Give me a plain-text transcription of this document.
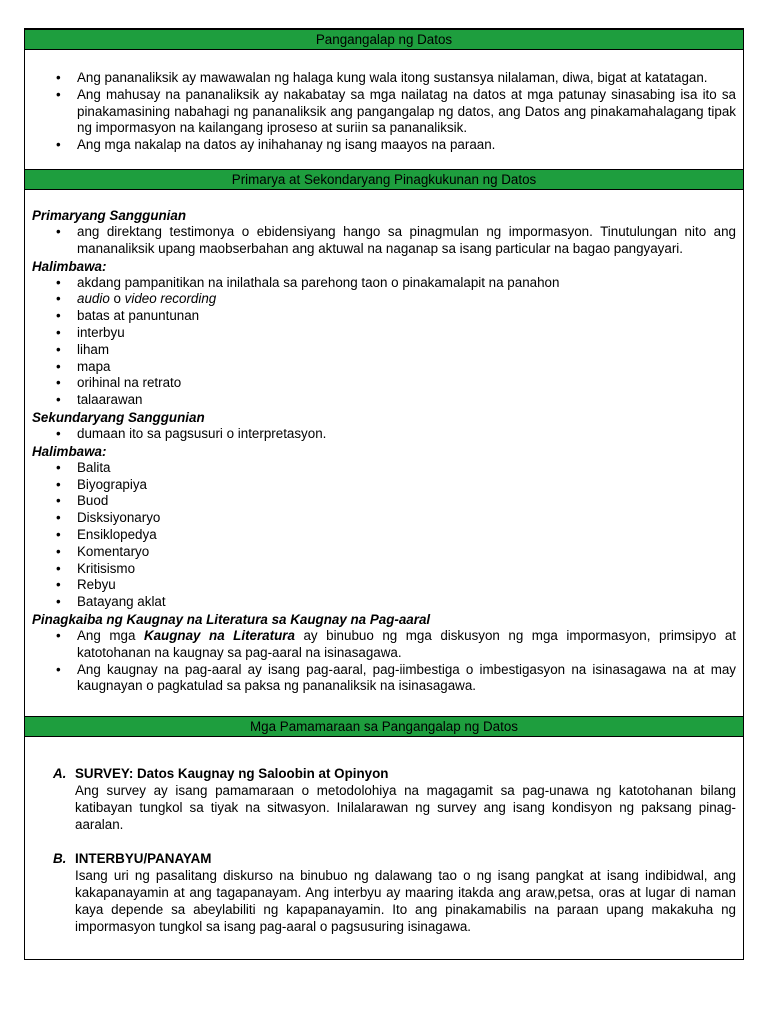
Pangangalap ng Datos
• Ang pananaliksik ay mawawalan ng halaga kung wala itong sustansya nilalaman, diwa, bigat at katatagan.
• Ang mahusay na pananaliksik ay nakabatay sa mga nailatag na datos at mga patunay sinasabing isa ito sa pinakamasining nabahagi ng pananaliksik ang pangangalap ng datos, ang Datos ang pinakamahalagang tipak ng impormasyon na kailangang iproseso at suriin sa pananaliksik.
• Ang mga nakalap na datos ay inihahanay ng isang maayos na paraan.
Primarya at Sekondaryang Pinagkukunan ng Datos
Primaryang Sanggunian
• ang direktang testimonya o ebidensiyang hango sa pinagmulan ng impormasyon. Tinutulungan nito ang mananaliksik upang maobserbahan ang aktuwal na naganap sa isang particular na bagao pangyayari.
Halimbawa:
• akdang pampanitikan na inilathala sa parehong taon o pinakamalapit na panahon
• audio o video recording
• batas at panuntunan
• interbyu
• liham
• mapa
• orihinal na retrato
• talaarawan
Sekundaryang Sanggunian
• dumaan ito sa pagsusuri o interpretasyon.
Halimbawa:
• Balita
• Biyograpiya
• Buod
• Disksiyonaryo
• Ensiklopedya
• Komentaryo
• Kritisismo
• Rebyu
• Batayang aklat
Pinagkaiba ng Kaugnay na Literatura sa Kaugnay na Pag-aaral
• Ang mga Kaugnay na Literatura ay binubuo ng mga diskusyon ng mga impormasyon, primsipyo at katotohanan na kaugnay sa pag-aaral na isinasagawa.
• Ang kaugnay na pag-aaral ay isang pag-aaral, pag-iimbestiga o imbestigasyon na isinasagawa na at may kaugnayan o pagkatulad sa paksa ng pananaliksik na isinasagawa.
Mga Pamamaraan sa Pangangalap ng Datos
A. SURVEY: Datos Kaugnay ng Saloobin at Opinyon

Ang survey ay isang pamamaraan o metodolohiya na magagamit sa pag-unawa ng katotohanan bilang katibayan tungkol sa tiyak na sitwasyon. Inilalarawan ng survey ang isang kondisyon ng paksang pinag-aaralan.

B. INTERBYU/PANAYAM

Isang uri ng pasalitang diskurso na binubuo ng dalawang tao o ng isang pangkat at isang indibidwal, ang kakapanayamin at ang tagapanayam. Ang interbyu ay maaring itakda ang araw,petsa, oras at lugar di naman kaya depende sa abeylabiliti ng kapapanayamin. Ito ang pinakamabilis na paraan upang makakuha ng impormasyon tungkol sa isang pag-aaral o pagsusuring isinagawa.
